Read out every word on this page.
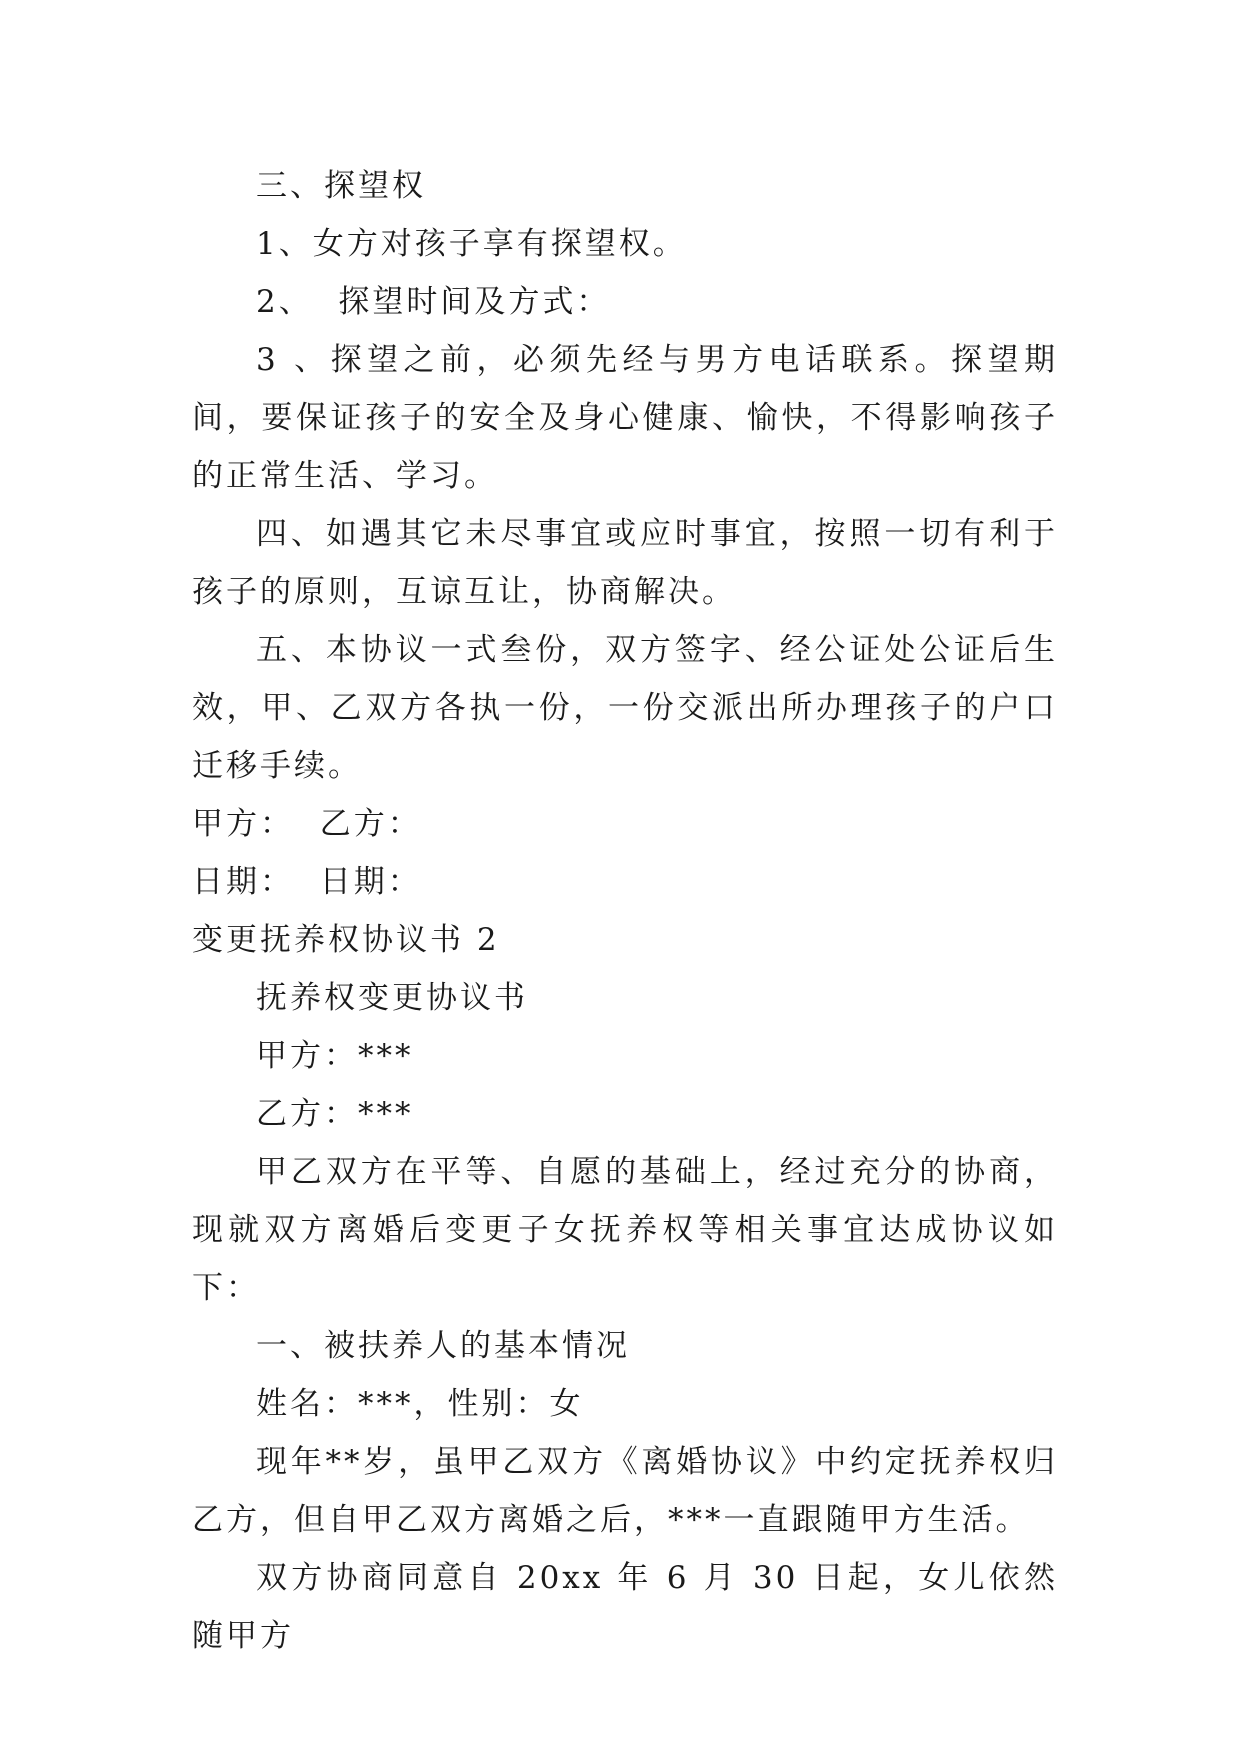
三、探望权

1、女方对孩子享有探望权。

2、  探望时间及方式：

3 、探望之前，必须先经与男方电话联系。探望期间，要保证孩子的安全及身心健康、愉快，不得影响孩子的正常生活、学习。

四、如遇其它未尽事宜或应时事宜，按照一切有利于孩子的原则，互谅互让，协商解决。

五、本协议一式叁份，双方签字、经公证处公证后生效，甲、乙双方各执一份，一份交派出所办理孩子的户口迁移手续。

甲方：  乙方：

日期：  日期：

变更抚养权协议书 2

抚养权变更协议书

甲方：***

乙方：***

甲乙双方在平等、自愿的基础上，经过充分的协商，现就双方离婚后变更子女抚养权等相关事宜达成协议如下：

一、被扶养人的基本情况

姓名：***，性别：女

现年**岁，虽甲乙双方《离婚协议》中约定抚养权归乙方，但自甲乙双方离婚之后，***一直跟随甲方生活。

双方协商同意自 20xx 年 6 月 30 日起，女儿依然随甲方
